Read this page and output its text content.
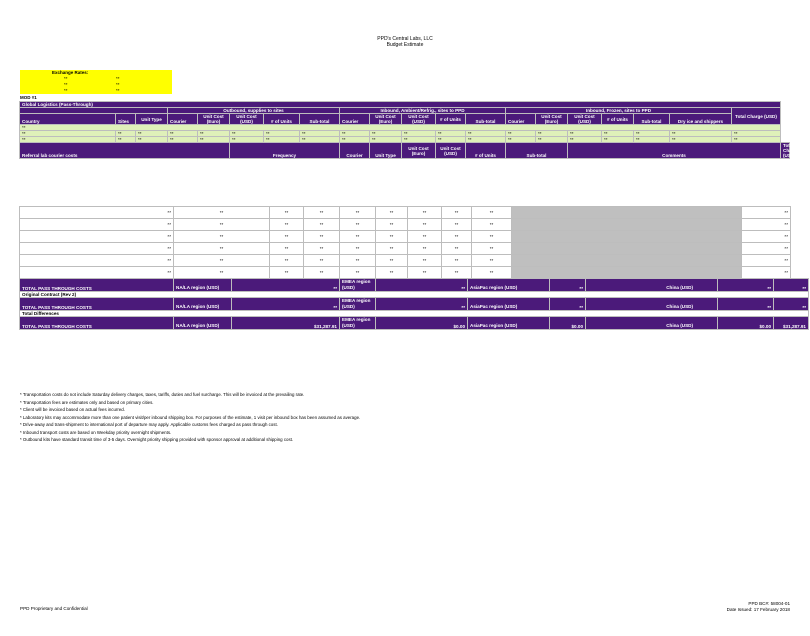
PPD's Central Labs, LLC
Budget Estimate
Exchange Rates:
**	**
**	**
**	**
MOD #1
Global Logistics (Pass-Through)																				
			Outbound, supplies to sites					Inbound, Ambient/Refrig., sites to PPD					Inbound, Frozen, sites to PPD						Total Charge (USD)	
Country	Sites	Unit Type	Courier	Unit Cost (Euro)	Unit Cost (USD)	# of Units	Sub-total	Courier	Unit Cost (Euro)	Unit Cost (USD)	# of Units	Sub-total	Courier	Unit Cost (Euro)	Unit Cost (USD)	# of Units	Sub-total	Dry ice and shippers		
**																				
**	**	**	**	**	**	**	**	**	**	**	**	**	**	**	**	**	**	**	**	
**	**	**	**	**	**	**	**	**	**	**	**	**	**	**	**	**	**	**	**	
Referral lab courier costs					Frequency			Courier	Unit Type	Unit Cost (Euro)	Unit Cost (USD)	# of Units	Sub-total		Comments					Total Charge (USD)
**	**	**	**	**	**	**	**	**		**
**	**	**	**	**	**	**	**	**		**
**	**	**	**	**	**	**	**	**		**
**	**	**	**	**	**	**	**	**		**
**	**	**	**	**	**	**	**	**		**
**	**	**	**	**	**	**	**	**		**
TOTAL PASS THROUGH COSTS	NA/LA region (USD)	**	EMEA region (USD)	**	AsiaPac region (USD)	**	China (USD)	**	**
Original Contract (Rev 2)									
TOTAL PASS THROUGH COSTS	NA/LA region (USD)	**	EMEA region (USD)	**	AsiaPac region (USD)	**	China (USD)	**	**
Total Differences									
TOTAL PASS THROUGH COSTS	NA/LA region (USD)	$31,287.91	EMEA region (USD)	$0.00	AsiaPac region (USD)	$0.00	China (USD)	$0.00	$31,287.91
* Transportation costs do not include Saturday delivery charges, taxes, tariffs, duties and fuel surcharge. This will be invoiced at the prevailing rate.
* Transportation fees are estimates only and based on primary cities.
* Client will be invoiced based on actual fees incurred.
* Laboratory kits may accommodate more than one patient visit/per inbound shipping box. For purposes of the estimate, 1 visit per inbound box has been assumed as average.
* Drive-away and trans-shipment to international port of departure may apply. Applicable customs fees charged as pass through cost.
* Inbound transport costs are based on Weekday priority overnight shipments.
* Outbound kits have standard transit time of 3-5 days. Overnight priority shipping provided with sponsor approval at additional shipping cost.
PPD Proprietary and Confidential
PPD BC#: 58004-01
Date Issued: 17 February 2018
